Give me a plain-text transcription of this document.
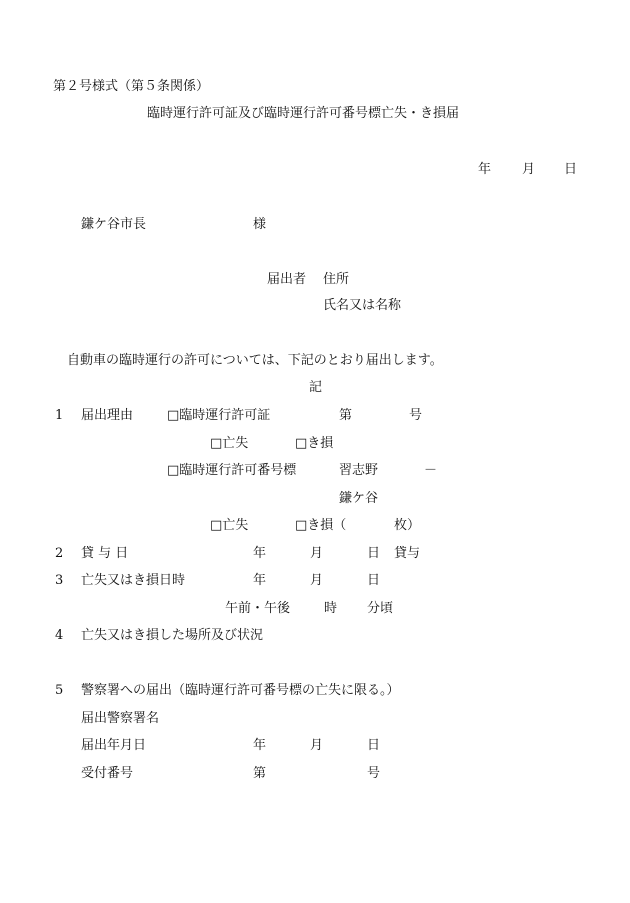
第２号様式（第５条関係）
臨時運行許可証及び臨時運行許可番号標亡失・き損届
年 月 日
鎌ケ谷市長	様
届出者 住所
氏名又は名称
自動車の臨時運行の許可については、下記のとおり届出します。
記
1 届出理由	□臨時運行許可証	第	号
□亡失	□き損
□臨時運行許可番号標	習志野	－
鎌ケ谷
□亡失	□き損（	枚）
2 貸 与 日	年	月	日 貸与
3 亡失又はき損日時	年	月	日
午前・午後	時 分頃
4 亡失又はき損した場所及び状況
5 警察署への届出（臨時運行許可番号標の亡失に限る。）
届出警察署名
届出年月日	年	月	日
受付番号	第	号
